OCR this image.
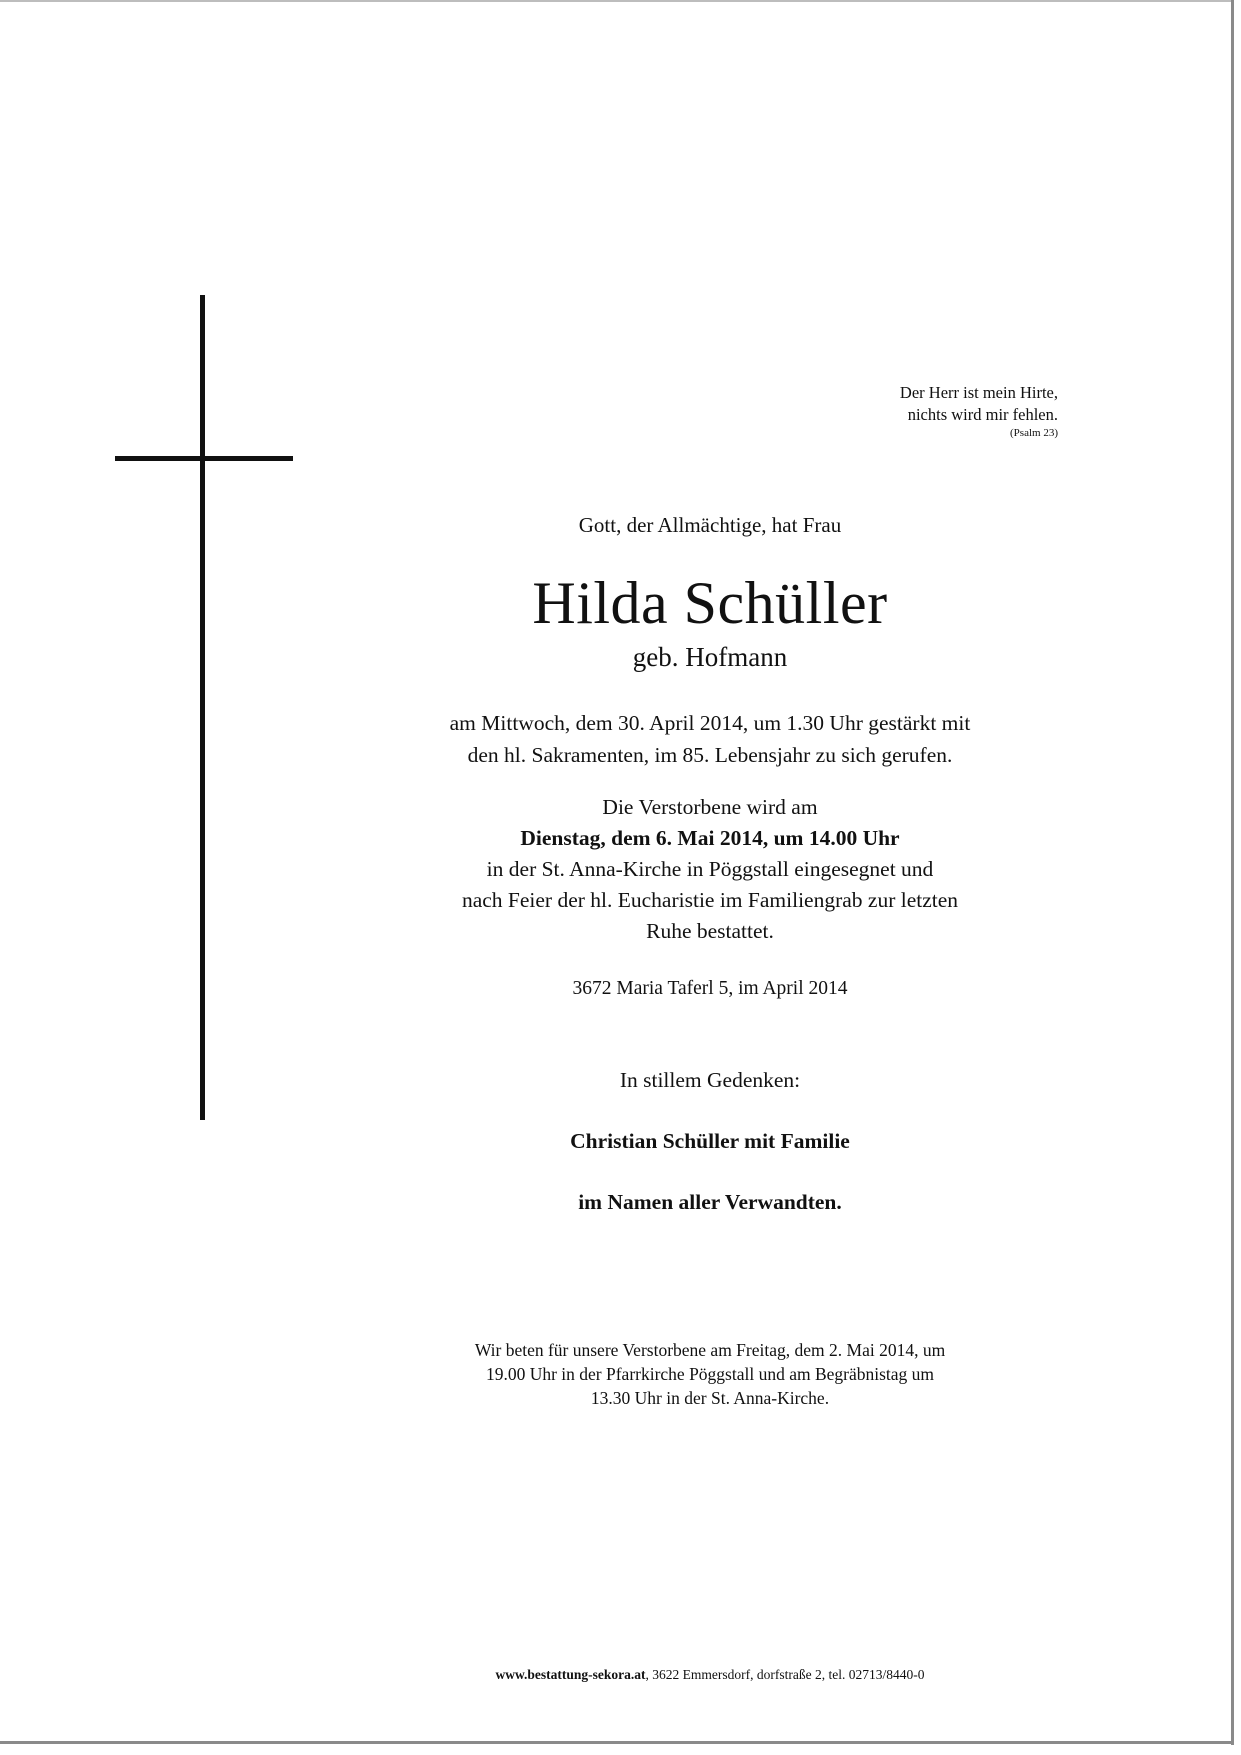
Der Herr ist mein Hirte,
nichts wird mir fehlen.
(Psalm 23)
Gott, der Allmächtige, hat Frau
Hilda Schüller
geb. Hofmann
am Mittwoch, dem 30. April 2014, um 1.30 Uhr gestärkt mit
den hl. Sakramenten, im 85. Lebensjahr zu sich gerufen.
Die Verstorbene wird am
Dienstag, dem 6. Mai 2014, um 14.00 Uhr
in der St. Anna-Kirche in Pöggstall eingesegnet und
nach Feier der hl. Eucharistie im Familiengrab zur letzten
Ruhe bestattet.
3672 Maria Taferl 5, im April 2014
In stillem Gedenken:
Christian Schüller mit Familie
im Namen aller Verwandten.
Wir beten für unsere Verstorbene am Freitag, dem 2. Mai 2014, um
19.00 Uhr in der Pfarrkirche Pöggstall und am Begräbnistag um
13.30 Uhr in der St. Anna-Kirche.
www.bestattung-sekora.at, 3622 Emmersdorf, dorfstraße 2, tel. 02713/8440-0
